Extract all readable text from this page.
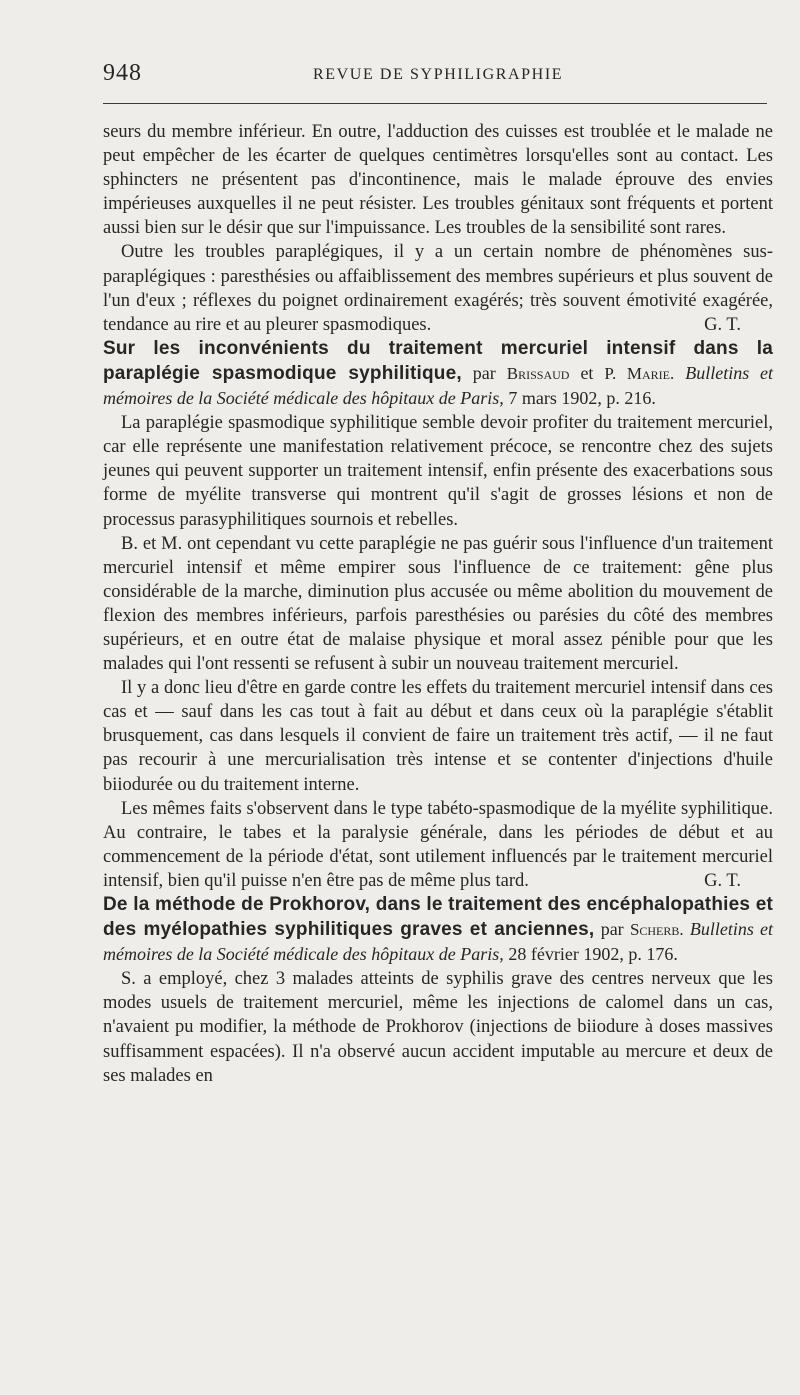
948	REVUE DE SYPHILIGRAPHIE

seurs du membre inférieur. En outre, l'adduction des cuisses est troublée et le malade ne peut empêcher de les écarter de quelques centimètres lorsqu'elles sont au contact. Les sphincters ne présentent pas d'incontinence, mais le malade éprouve des envies impérieuses auxquelles il ne peut résister. Les troubles génitaux sont fréquents et portent aussi bien sur le désir que sur l'impuissance. Les troubles de la sensibilité sont rares.

Outre les troubles paraplégiques, il y a un certain nombre de phénomènes sus-paraplégiques : paresthésies ou affaiblissement des membres supérieurs et plus souvent de l'un d'eux ; réflexes du poignet ordinairement exagérés; très souvent émotivité exagérée, tendance au rire et au pleurer spasmodiques.	G. T.

Sur les inconvénients du traitement mercuriel intensif dans la paraplégie spasmodique syphilitique, par Brissaud et P. Marie. Bulletins et mémoires de la Société médicale des hôpitaux de Paris, 7 mars 1902, p. 216.

La paraplégie spasmodique syphilitique semble devoir profiter du traitement mercuriel, car elle représente une manifestation relativement précoce, se rencontre chez des sujets jeunes qui peuvent supporter un traitement intensif, enfin présente des exacerbations sous forme de myélite transverse qui montrent qu'il s'agit de grosses lésions et non de processus parasyphilitiques sournois et rebelles.

B. et M. ont cependant vu cette paraplégie ne pas guérir sous l'influence d'un traitement mercuriel intensif et même empirer sous l'influence de ce traitement: gêne plus considérable de la marche, diminution plus accusée ou même abolition du mouvement de flexion des membres inférieurs, parfois paresthésies ou parésies du côté des membres supérieurs, et en outre état de malaise physique et moral assez pénible pour que les malades qui l'ont ressenti se refusent à subir un nouveau traitement mercuriel.

Il y a donc lieu d'être en garde contre les effets du traitement mercuriel intensif dans ces cas et — sauf dans les cas tout à fait au début et dans ceux où la paraplégie s'établit brusquement, cas dans lesquels il convient de faire un traitement très actif, — il ne faut pas recourir à une mercurialisation très intense et se contenter d'injections d'huile biiodurée ou du traitement interne.

Les mêmes faits s'observent dans le type tabéto-spasmodique de la myélite syphilitique. Au contraire, le tabes et la paralysie générale, dans les périodes de début et au commencement de la période d'état, sont utilement influencés par le traitement mercuriel intensif, bien qu'il puisse n'en être pas de même plus tard.	G. T.

De la méthode de Prokhorov, dans le traitement des encéphalopathies et des myélopathies syphilitiques graves et anciennes, par Scherb. Bulletins et mémoires de la Société médicale des hôpitaux de Paris, 28 février 1902, p. 176.

S. a employé, chez 3 malades atteints de syphilis grave des centres nerveux que les modes usuels de traitement mercuriel, même les injections de calomel dans un cas, n'avaient pu modifier, la méthode de Prokhorov (injections de biiodure à doses massives suffisamment espacées). Il n'a observé aucun accident imputable au mercure et deux de ses malades en
